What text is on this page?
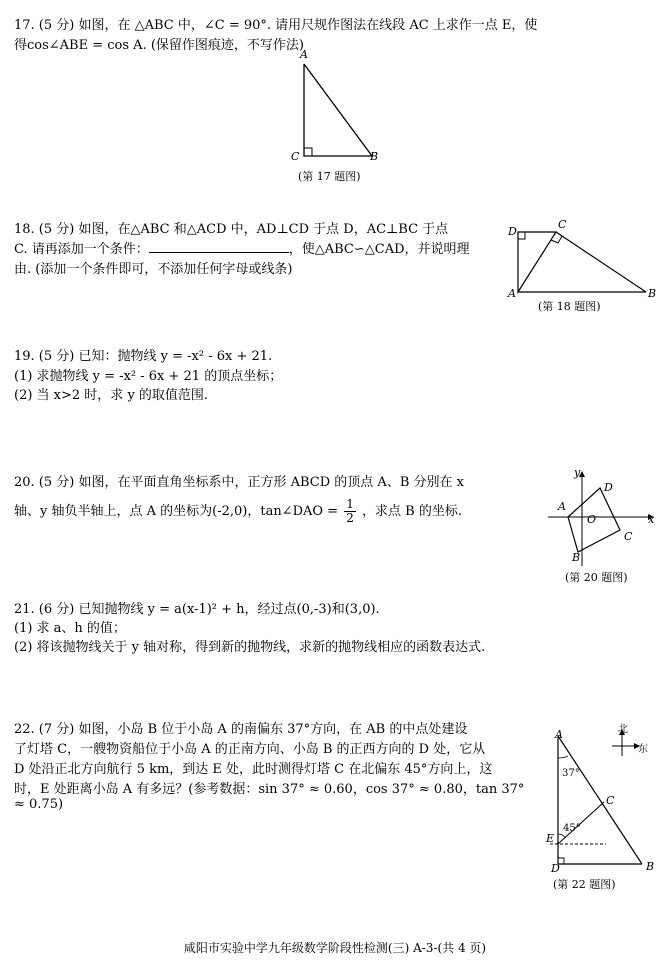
17. (5 分) 如图，在 △ABC 中，∠C = 90°. 请用尺规作图法在线段 AC 上求作一点 E，使
得cos∠ABE = cos A. (保留作图痕迹，不写作法)
A
C	B
(第 17 题图)
18. (5 分) 如图，在△ABC 和△ACD 中，AD⊥CD 于点 D，AC⊥BC 于点
C. 请再添加一个条件：	，使△ABC∽△CAD，并说明理
由. (添加一个条件即可，不添加任何字母或线条)
D
C
A	B
(第 18 题图)
19. (5 分) 已知：抛物线 y = -x² - 6x + 21.
(1) 求抛物线 y = -x² - 6x + 21 的顶点坐标；
(2) 当 x>2 时，求 y 的取值范围.
20. (5 分) 如图，在平面直角坐标系中，正方形 ABCD 的顶点 A、B 分别在 x
轴、y 轴负半轴上，点 A 的坐标为(-2,0)，tan∠DAO = $\frac{1}{2}$ ，求点 B 的坐标.
y
x
A
D
O
C
B
(第 20 题图)
21. (6 分) 已知抛物线 y = a(x-1)² + h，经过点(0,-3)和(3,0).
(1) 求 a、h 的值；
(2) 将该抛物线关于 y 轴对称，得到新的抛物线，求新的抛物线相应的函数表达式.
22. (7 分) 如图，小岛 B 位于小岛 A 的南偏东 37°方向，在 AB 的中点处建设
了灯塔 C，一艘物资船位于小岛 A 的正南方向、小岛 B 的正西方向的 D 处，它从
D 处沿正北方向航行 5 km，到达 E 处，此时测得灯塔 C 在北偏东 45°方向上，这
时，E 处距离小岛 A 有多远？(参考数据：sin 37° ≈ 0.60，cos 37° ≈ 0.80，tan 37°
≈ 0.75)
A
37°
C
45°
E
D	B
(第 22 题图)
北
东
咸阳市实验中学九年级数学阶段性检测(三) A-3-(共 4 页)
